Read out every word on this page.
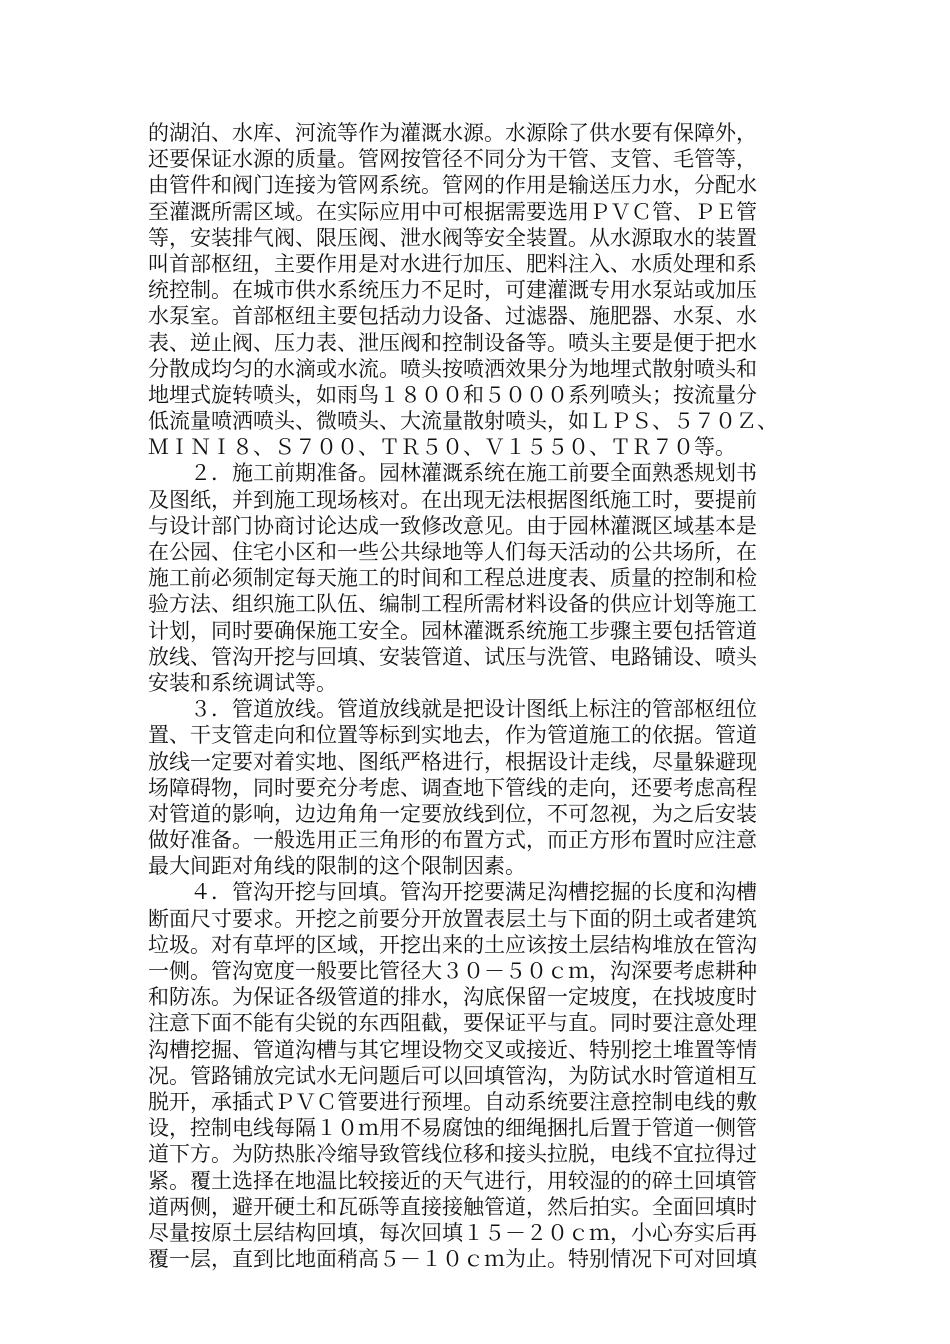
的湖泊、水库、河流等作为灌溉水源。水源除了供水要有保障外，
还要保证水源的质量。管网按管径不同分为干管、支管、毛管等，
由管件和阀门连接为管网系统。管网的作用是输送压力水，分配水
至灌溉所需区域。在实际应用中可根据需要选用ＰＶＣ管、ＰＥ管
等，安装排气阀、限压阀、泄水阀等安全装置。从水源取水的装置
叫首部枢纽，主要作用是对水进行加压、肥料注入、水质处理和系
统控制。在城市供水系统压力不足时，可建灌溉专用水泵站或加压
水泵室。首部枢纽主要包括动力设备、过滤器、施肥器、水泵、水
表、逆止阀、压力表、泄压阀和控制设备等。喷头主要是便于把水
分散成均匀的水滴或水流。喷头按喷洒效果分为地埋式散射喷头和
地埋式旋转喷头，如雨鸟１８００和５０００系列喷头；按流量分
低流量喷洒喷头、微喷头、大流量散射喷头，如ＬＰＳ、５７０Ｚ、
ＭＩＮＩ８、Ｓ７００、ＴＲ５０、Ｖ１５５０、ＴＲ７０等。
２．施工前期准备。园林灌溉系统在施工前要全面熟悉规划书
及图纸，并到施工现场核对。在出现无法根据图纸施工时，要提前
与设计部门协商讨论达成一致修改意见。由于园林灌溉区域基本是
在公园、住宅小区和一些公共绿地等人们每天活动的公共场所，在
施工前必须制定每天施工的时间和工程总进度表、质量的控制和检
验方法、组织施工队伍、编制工程所需材料设备的供应计划等施工
计划，同时要确保施工安全。园林灌溉系统施工步骤主要包括管道
放线、管沟开挖与回填、安装管道、试压与洗管、电路铺设、喷头
安装和系统调试等。
３．管道放线。管道放线就是把设计图纸上标注的管部枢纽位
置、干支管走向和位置等标到实地去，作为管道施工的依据。管道
放线一定要对着实地、图纸严格进行，根据设计走线，尽量躲避现
场障碍物，同时要充分考虑、调查地下管线的走向，还要考虑高程
对管道的影响，边边角角一定要放线到位，不可忽视，为之后安装
做好准备。一般选用正三角形的布置方式，而正方形布置时应注意
最大间距对角线的限制的这个限制因素。
４．管沟开挖与回填。管沟开挖要满足沟槽挖掘的长度和沟槽
断面尺寸要求。开挖之前要分开放置表层土与下面的阴土或者建筑
垃圾。对有草坪的区域，开挖出来的土应该按土层结构堆放在管沟
一侧。管沟宽度一般要比管径大３０－５０ｃｍ，沟深要考虑耕种
和防冻。为保证各级管道的排水，沟底保留一定坡度，在找坡度时
注意下面不能有尖锐的东西阻截，要保证平与直。同时要注意处理
沟槽挖掘、管道沟槽与其它埋设物交叉或接近、特别挖土堆置等情
况。管路铺放完试水无问题后可以回填管沟，为防试水时管道相互
脱开，承插式ＰＶＣ管要进行预埋。自动系统要注意控制电线的敷
设，控制电线每隔１０ｍ用不易腐蚀的细绳捆扎后置于管道一侧管
道下方。为防热胀冷缩导致管线位移和接头拉脱，电线不宜拉得过
紧。覆土选择在地温比较接近的天气进行，用较湿的的碎土回填管
道两侧，避开硬土和瓦砾等直接接触管道，然后拍实。全面回填时
尽量按原土层结构回填，每次回填１５－２０ｃｍ，小心夯实后再
覆一层，直到比地面稍高５－１０ｃｍ为止。特别情况下可对回填
